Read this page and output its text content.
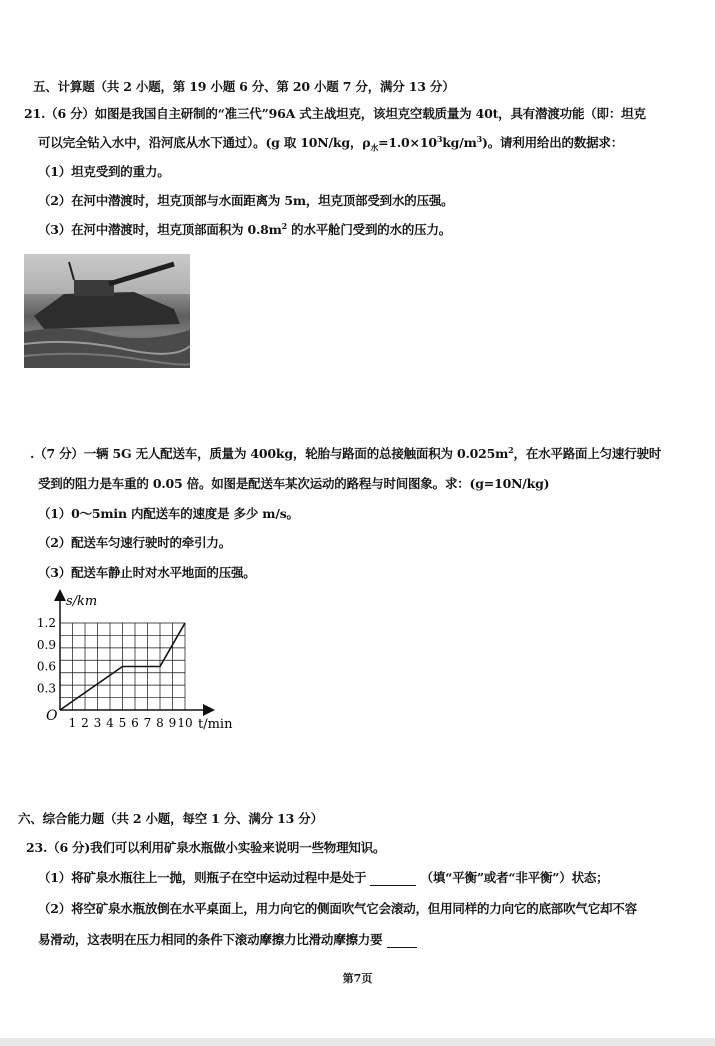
五、计算题（共 2 小题，第 19 小题 6 分、第 20 小题 7 分，满分 13 分）
21.（6 分）如图是我国自主研制的“准三代”96A 式主战坦克，该坦克空载质量为 40t，具有潜渡功能（即：坦克
可以完全钻入水中，沿河底从水下通过）。(g 取 10N/kg，$\rho_水=1.0\times 10^3kg/m^3$)。请利用给出的数据求：
（1）坦克受到的重力。
（2）在河中潜渡时，坦克顶部与水面距离为 5m，坦克顶部受到水的压强。
（3）在河中潜渡时，坦克顶部面积为 $0.8m^2$ 的水平舱门受到的水的压力。
.（7 分）一辆 5G 无人配送车，质量为 400kg，轮胎与路面的总接触面积为 $0.025m^2$，在水平路面上匀速行驶时
受到的阻力是车重的 0.05 倍。如图是配送车某次运动的路程与时间图象。求：(g=10N/kg)
（1）0～5min 内配送车的速度是 多少 m/s。
（2）配送车匀速行驶时的牵引力。
（3）配送车静止时对水平地面的压强。
s/km
t/min
O 1 2 3 4 5 6 7 8 9 10
0.3
0.6
0.9
1.2
六、综合能力题（共 2 小题，每空 1 分、满分 13 分）
23.（6 分)我们可以利用矿泉水瓶做小实验来说明一些物理知识。
（1）将矿泉水瓶往上一抛，则瓶子在空中运动过程中是处于	（填“平衡”或者“非平衡”）状态；
（2）将空矿泉水瓶放倒在水平桌面上，用力向它的侧面吹气它会滚动，但用同样的力向它的底部吹气它却不容
易滑动，这表明在压力相同的条件下滚动摩擦力比滑动摩擦力要
第7页
